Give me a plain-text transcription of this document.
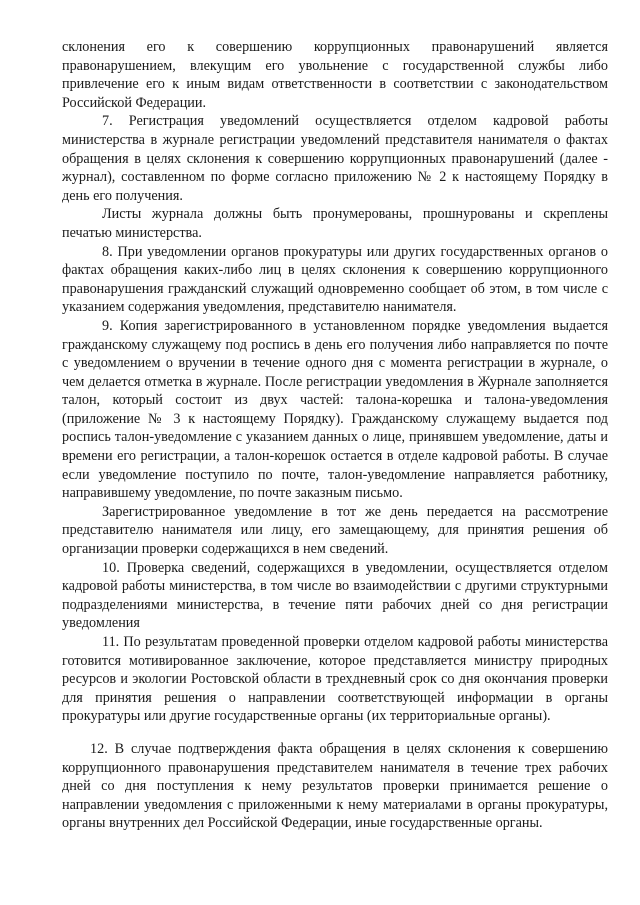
склонения его к совершению коррупционных правонарушений является правонарушением, влекущим его увольнение с государственной службы либо привлечение его к иным видам ответственности в соответствии с законодательством Российской Федерации.

7. Регистрация уведомлений осуществляется отделом кадровой работы министерства в журнале регистрации уведомлений представителя нанимателя о фактах обращения в целях склонения к совершению коррупционных правонарушений (далее - журнал), составленном по форме согласно приложению № 2 к настоящему Порядку в день его получения.

Листы журнала должны быть пронумерованы, прошнурованы и скреплены печатью министерства.

8. При уведомлении органов прокуратуры или других государственных органов о фактах обращения каких-либо лиц в целях склонения к совершению коррупционного правонарушения гражданский служащий одновременно сообщает об этом, в том числе с указанием содержания уведомления, представителю нанимателя.

9. Копия зарегистрированного в установленном порядке уведомления выдается гражданскому служащему под роспись в день его получения либо направляется по почте с уведомлением о вручении в течение одного дня с момента регистрации в журнале, о чем делается отметка в журнале. После регистрации уведомления в Журнале заполняется талон, который состоит из двух частей: талона-корешка и талона-уведомления (приложение № 3 к настоящему Порядку). Гражданскому служащему выдается под роспись талон-уведомление с указанием данных о лице, принявшем уведомление, даты и времени его регистрации, а талон-корешок остается в отделе кадровой работы. В случае если уведомление поступило по почте, талон-уведомление направляется работнику, направившему уведомление, по почте заказным письмо.

Зарегистрированное уведомление в тот же день передается на рассмотрение представителю нанимателя или лицу, его замещающему, для принятия решения об организации проверки содержащихся в нем сведений.

10. Проверка сведений, содержащихся в уведомлении, осуществляется отделом кадровой работы министерства, в том числе во взаимодействии с другими структурными подразделениями министерства, в течение пяти рабочих дней со дня регистрации уведомления

11. По результатам проведенной проверки отделом кадровой работы министерства готовится мотивированное заключение, которое представляется министру природных ресурсов и экологии Ростовской области в трехдневный срок со дня окончания проверки для принятия решения о направлении соответствующей информации в органы прокуратуры или другие государственные органы (их территориальные органы).

12. В случае подтверждения факта обращения в целях склонения к совершению коррупционного правонарушения представителем нанимателя в течение трех рабочих дней со дня поступления к нему результатов проверки принимается решение о направлении уведомления с приложенными к нему материалами в органы прокуратуры, органы внутренних дел Российской Федерации, иные государственные органы.
